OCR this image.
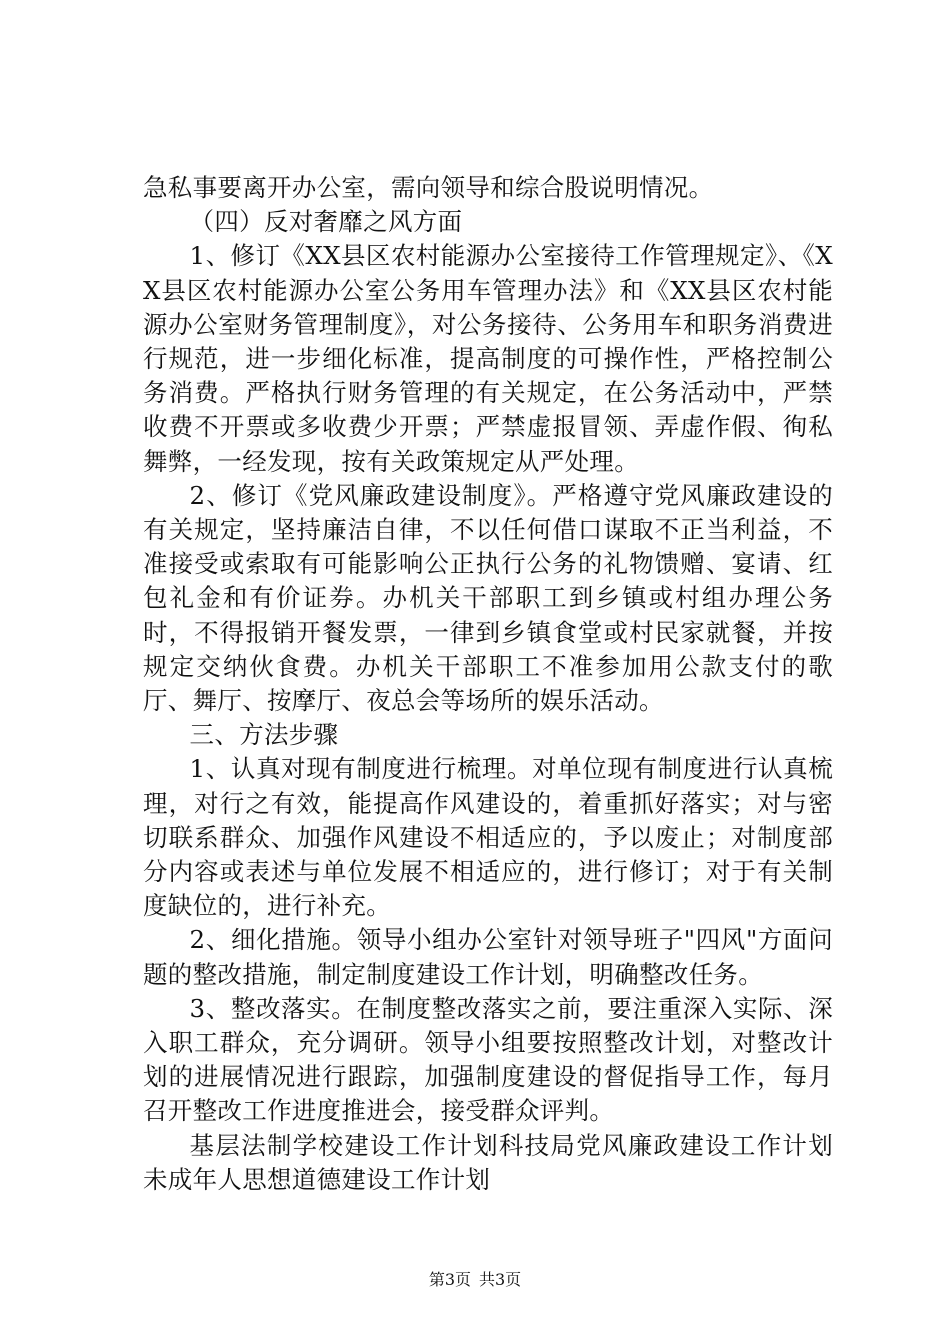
急私事要离开办公室，需向领导和综合股说明情况。

（四）反对奢靡之风方面

1、修订《XX县区农村能源办公室接待工作管理规定》、《XX县区农村能源办公室公务用车管理办法》和《XX县区农村能源办公室财务管理制度》，对公务接待、公务用车和职务消费进行规范，进一步细化标准，提高制度的可操作性，严格控制公务消费。严格执行财务管理的有关规定，在公务活动中，严禁收费不开票或多收费少开票；严禁虚报冒领、弄虚作假、徇私舞弊，一经发现，按有关政策规定从严处理。

2、修订《党风廉政建设制度》。严格遵守党风廉政建设的有关规定，坚持廉洁自律，不以任何借口谋取不正当利益，不准接受或索取有可能影响公正执行公务的礼物馈赠、宴请、红包礼金和有价证券。办机关干部职工到乡镇或村组办理公务时，不得报销开餐发票，一律到乡镇食堂或村民家就餐，并按规定交纳伙食费。办机关干部职工不准参加用公款支付的歌厅、舞厅、按摩厅、夜总会等场所的娱乐活动。

三、方法步骤

1、认真对现有制度进行梳理。对单位现有制度进行认真梳理，对行之有效，能提高作风建设的，着重抓好落实；对与密切联系群众、加强作风建设不相适应的，予以废止；对制度部分内容或表述与单位发展不相适应的，进行修订；对于有关制度缺位的，进行补充。

2、细化措施。领导小组办公室针对领导班子"四风"方面问题的整改措施，制定制度建设工作计划，明确整改任务。

3、整改落实。在制度整改落实之前，要注重深入实际、深入职工群众，充分调研。领导小组要按照整改计划，对整改计划的进展情况进行跟踪，加强制度建设的督促指导工作，每月召开整改工作进度推进会，接受群众评判。

基层法制学校建设工作计划科技局党风廉政建设工作计划未成年人思想道德建设工作计划

第3页 共3页
